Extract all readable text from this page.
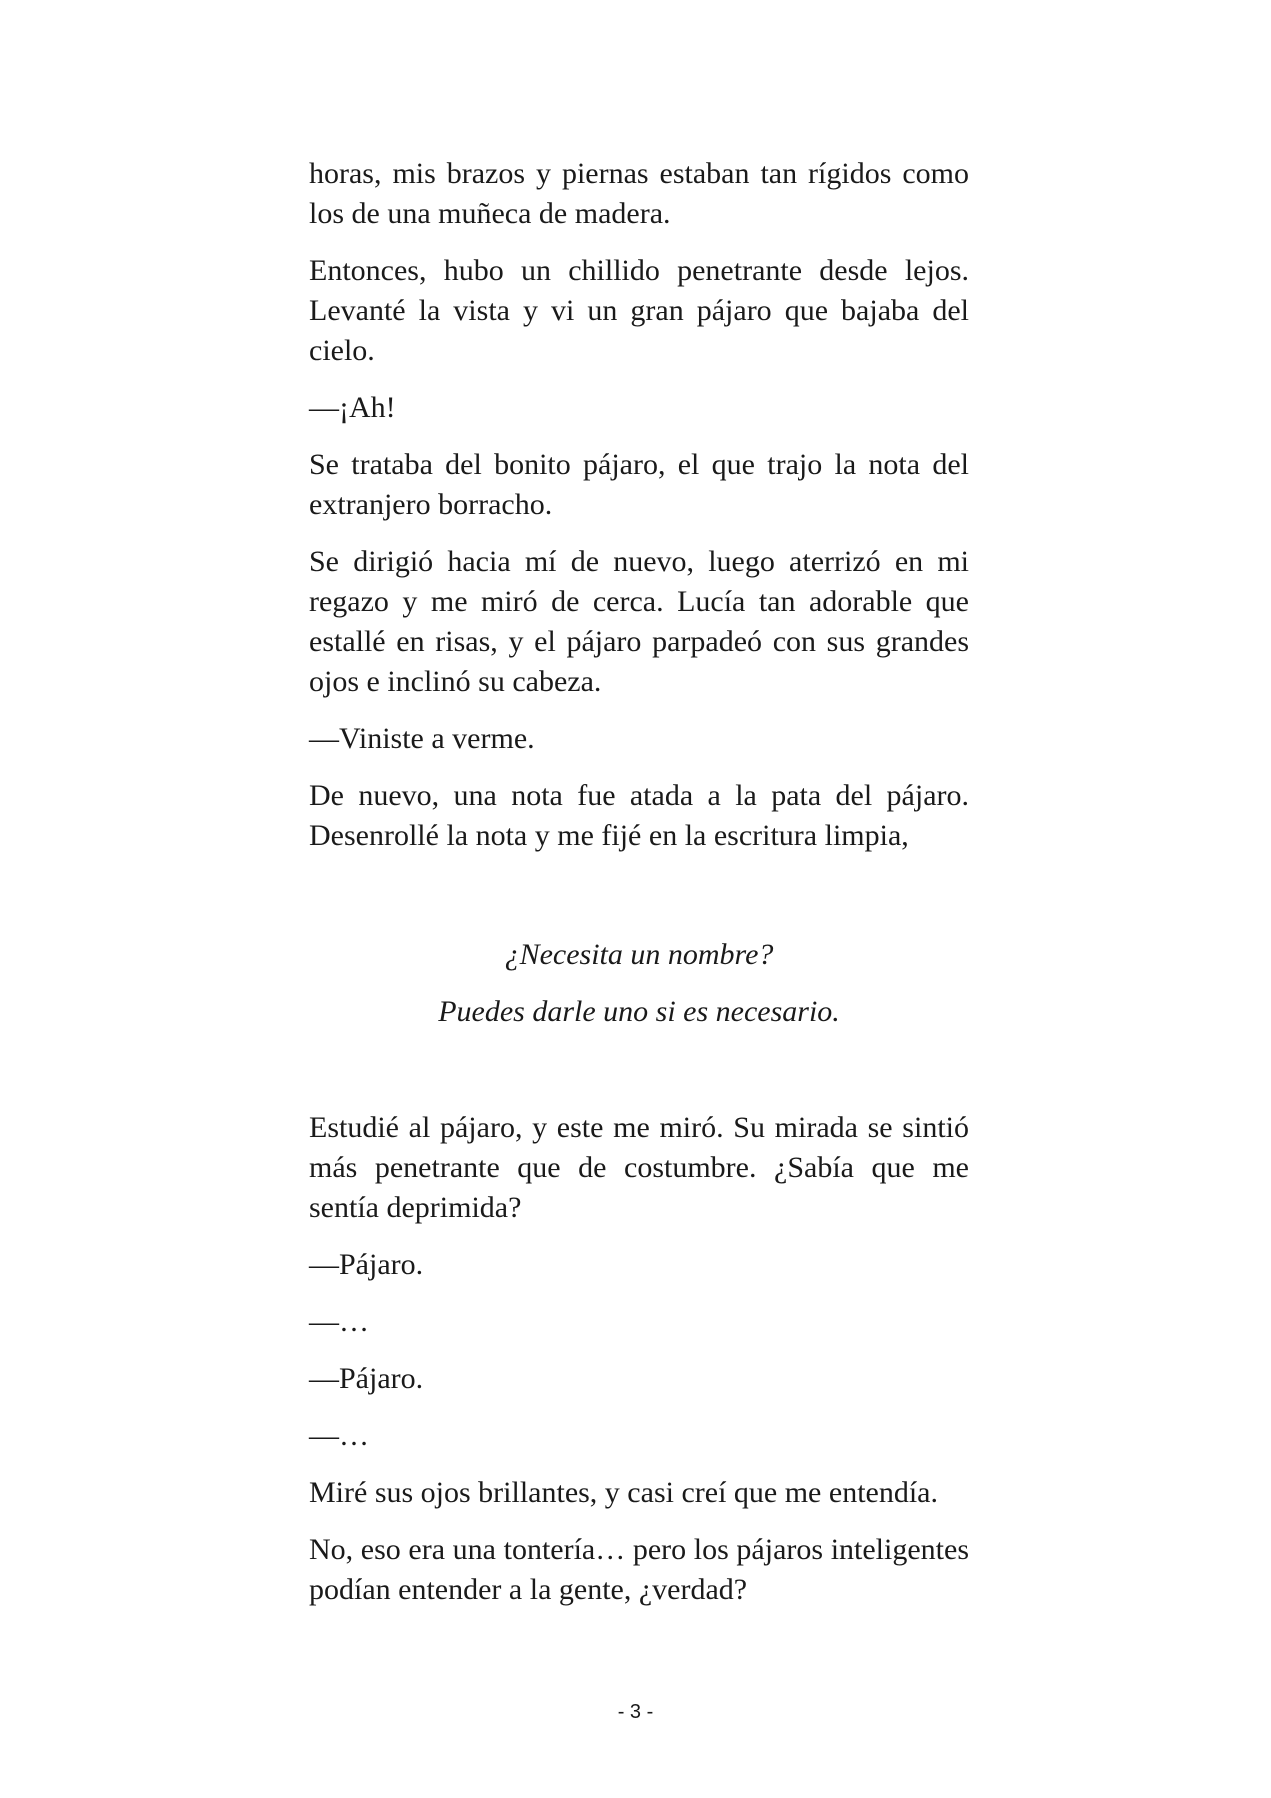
horas, mis brazos y piernas estaban tan rígidos como los de una muñeca de madera.

Entonces, hubo un chillido penetrante desde lejos. Levanté la vista y vi un gran pájaro que bajaba del cielo.

—¡Ah!

Se trataba del bonito pájaro, el que trajo la nota del extranjero borracho.

Se dirigió hacia mí de nuevo, luego aterrizó en mi regazo y me miró de cerca. Lucía tan adorable que estallé en risas, y el pájaro parpadeó con sus grandes ojos e inclinó su cabeza.

—Viniste a verme.

De nuevo, una nota fue atada a la pata del pájaro. Desenrollé la nota y me fijé en la escritura limpia,

¿Necesita un nombre?

Puedes darle uno si es necesario.

Estudié al pájaro, y este me miró. Su mirada se sintió más penetrante que de costumbre. ¿Sabía que me sentía deprimida?

—Pájaro.

—…

—Pájaro.

—…

Miré sus ojos brillantes, y casi creí que me entendía.

No, eso era una tontería… pero los pájaros inteligentes podían entender a la gente, ¿verdad?

- 3 -
